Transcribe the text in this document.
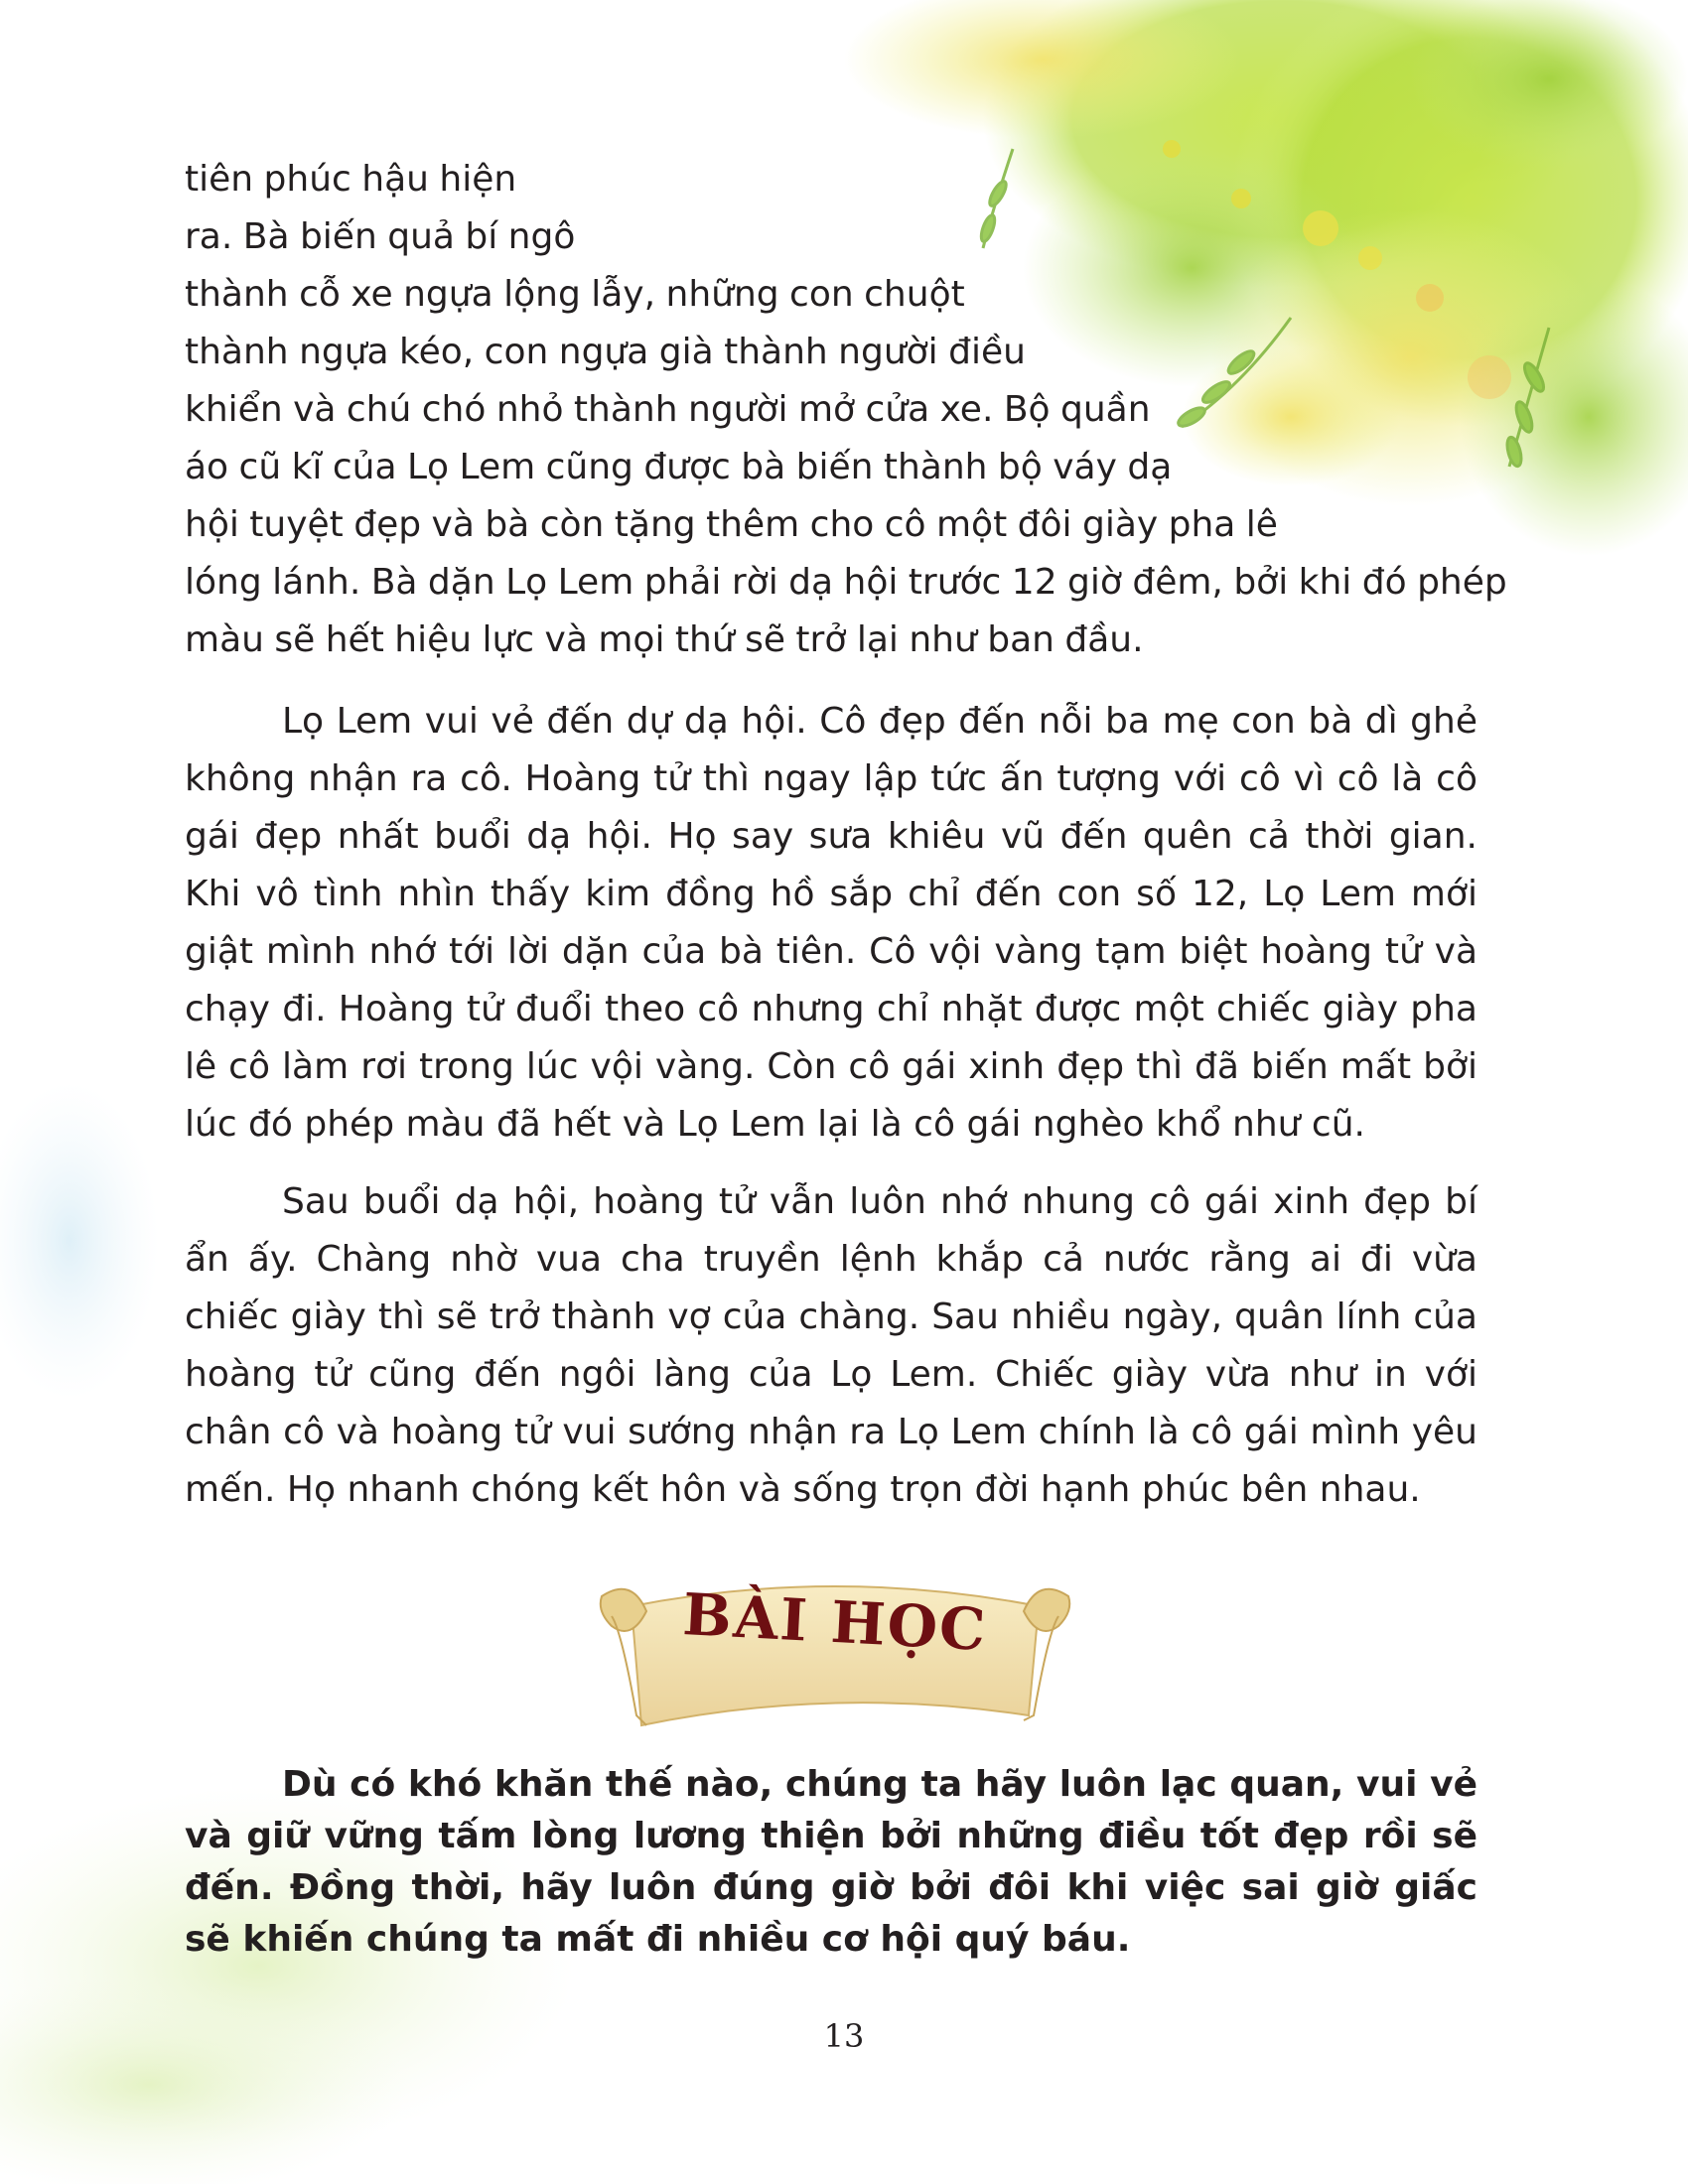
tiên phúc hậu hiện
ra. Bà biến quả bí ngô
thành cỗ xe ngựa lộng lẫy, những con chuột
thành ngựa kéo, con ngựa già thành người điều
khiển và chú chó nhỏ thành người mở cửa xe. Bộ quần
áo cũ kĩ của Lọ Lem cũng được bà biến thành bộ váy dạ
hội tuyệt đẹp và bà còn tặng thêm cho cô một đôi giày pha lê
lóng lánh. Bà dặn Lọ Lem phải rời dạ hội trước 12 giờ đêm, bởi khi đó phép
màu sẽ hết hiệu lực và mọi thứ sẽ trở lại như ban đầu.

Lọ Lem vui vẻ đến dự dạ hội. Cô đẹp đến nỗi ba mẹ con bà dì ghẻ không nhận ra cô. Hoàng tử thì ngay lập tức ấn tượng với cô vì cô là cô gái đẹp nhất buổi dạ hội. Họ say sưa khiêu vũ đến quên cả thời gian. Khi vô tình nhìn thấy kim đồng hồ sắp chỉ đến con số 12, Lọ Lem mới giật mình nhớ tới lời dặn của bà tiên. Cô vội vàng tạm biệt hoàng tử và chạy đi. Hoàng tử đuổi theo cô nhưng chỉ nhặt được một chiếc giày pha lê cô làm rơi trong lúc vội vàng. Còn cô gái xinh đẹp thì đã biến mất bởi lúc đó phép màu đã hết và Lọ Lem lại là cô gái nghèo khổ như cũ.

Sau buổi dạ hội, hoàng tử vẫn luôn nhớ nhung cô gái xinh đẹp bí ẩn ấy. Chàng nhờ vua cha truyền lệnh khắp cả nước rằng ai đi vừa chiếc giày thì sẽ trở thành vợ của chàng. Sau nhiều ngày, quân lính của hoàng tử cũng đến ngôi làng của Lọ Lem. Chiếc giày vừa như in với chân cô và hoàng tử vui sướng nhận ra Lọ Lem chính là cô gái mình yêu mến. Họ nhanh chóng kết hôn và sống trọn đời hạnh phúc bên nhau.

BÀI HỌC

Dù có khó khăn thế nào, chúng ta hãy luôn lạc quan, vui vẻ và giữ vững tấm lòng lương thiện bởi những điều tốt đẹp rồi sẽ đến. Đồng thời, hãy luôn đúng giờ bởi đôi khi việc sai giờ giấc sẽ khiến chúng ta mất đi nhiều cơ hội quý báu.

13
